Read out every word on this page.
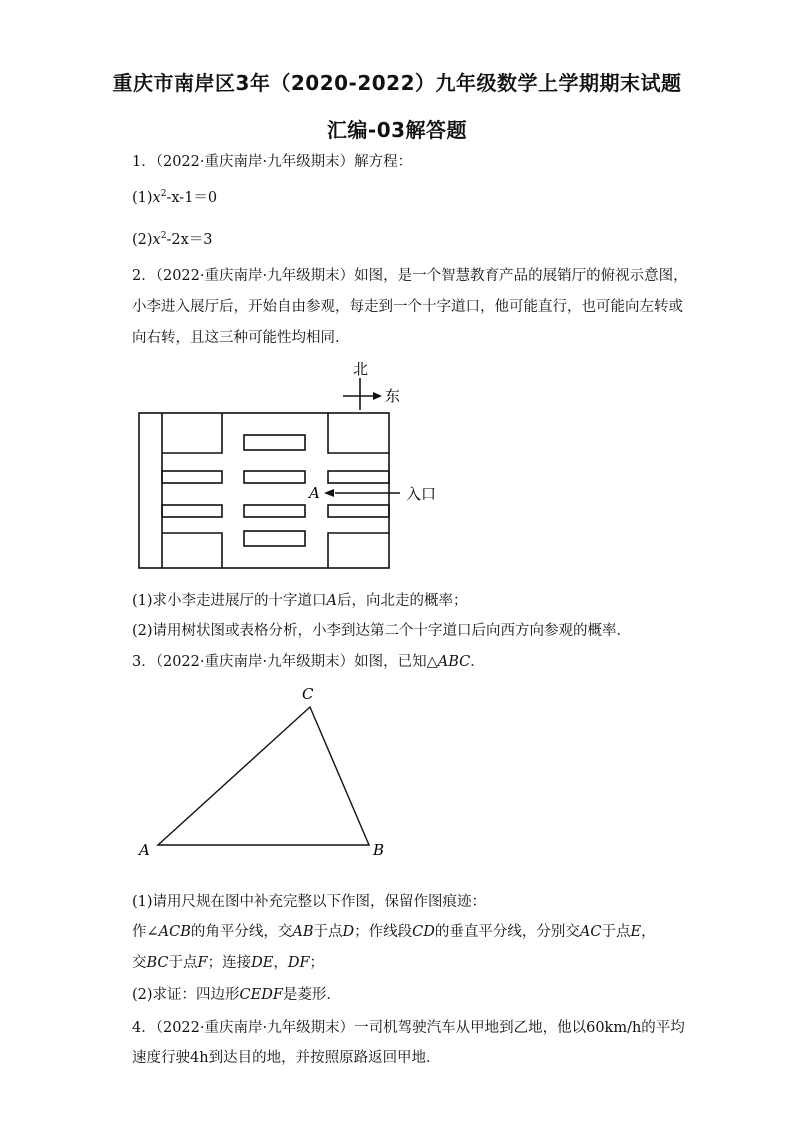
重庆市南岸区3年（2020-2022）九年级数学上学期期末试题
汇编-03解答题
1．（2022·重庆南岸·九年级期末）解方程：
$(1)x^2-x-1=0$
$(2)x^2-2x=3$
2．（2022·重庆南岸·九年级期末）如图，是一个智慧教育产品的展销厅的俯视示意图，
小李进入展厅后，开始自由参观，每走到一个十字道口，他可能直行，也可能向左转或
向右转，且这三种可能性均相同．
北
东
A	入口
(1)求小李走进展厅的十字道口A后，向北走的概率；
(2)请用树状图或表格分析，小李到达第二个十字道口后向西方向参观的概率．
3．（2022·重庆南岸·九年级期末）如图，已知△ABC．
A	B
C
(1)请用尺规在图中补充完整以下作图，保留作图痕迹：
作∠ACB的角平分线，交AB于点D；作线段CD的垂直平分线，分别交AC于点E，
交BC于点F；连接DE，DF；
(2)求证：四边形CEDF是菱形．
4．（2022·重庆南岸·九年级期末）一司机驾驶汽车从甲地到乙地，他以60km/h的平均
速度行驶4h到达目的地，并按照原路返回甲地．
